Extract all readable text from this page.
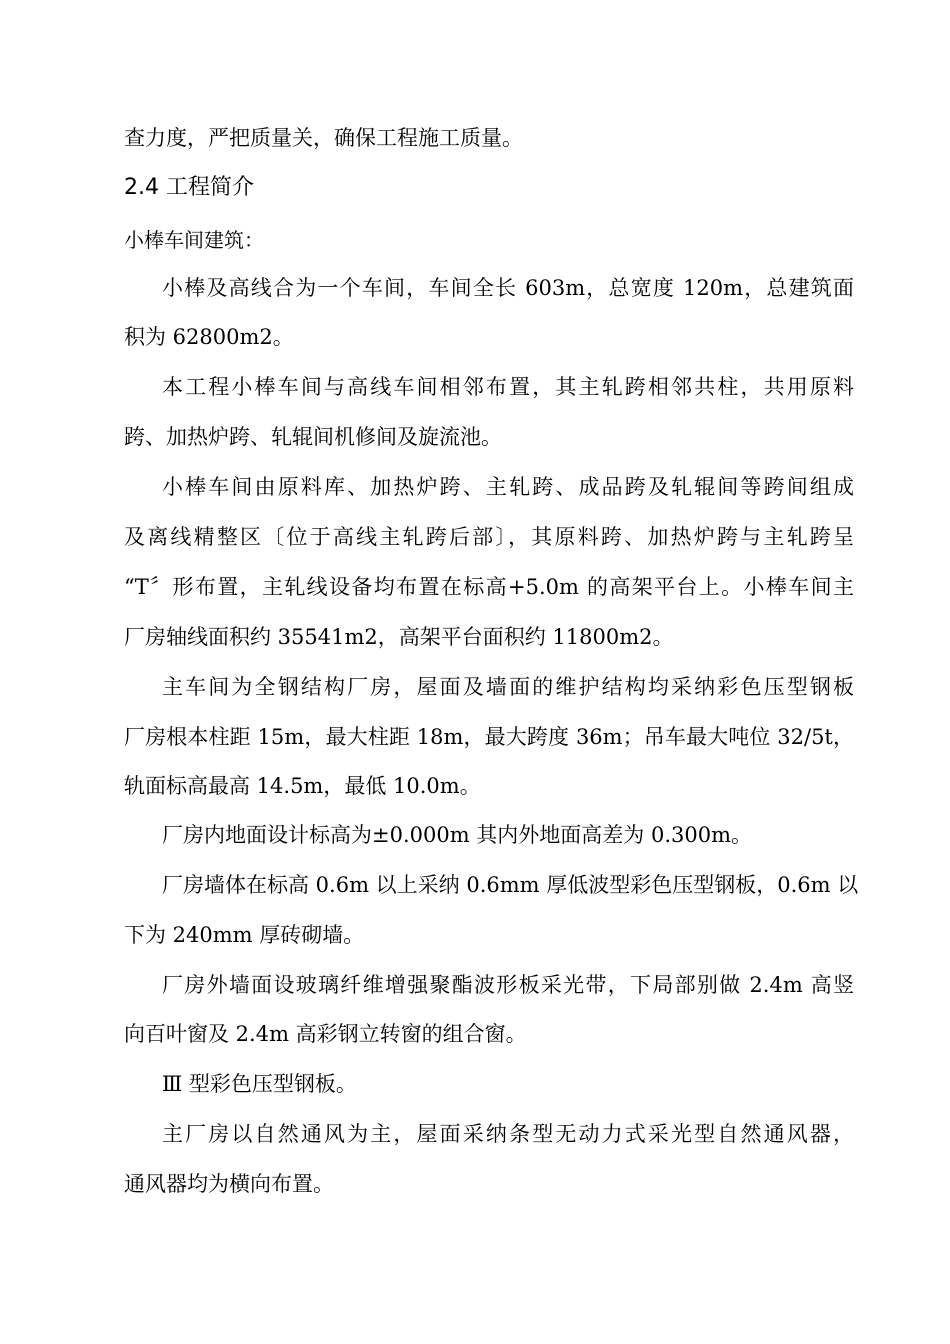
查力度，严把质量关，确保工程施工质量。
2.4 工程简介
小棒车间建筑：
小棒及高线合为一个车间，车间全长 603m，总宽度 120m，总建筑面
积为 62800m2。
本工程小棒车间与高线车间相邻布置，其主轧跨相邻共柱，共用原料
跨、加热炉跨、轧辊间机修间及旋流池。
小棒车间由原料库、加热炉跨、主轧跨、成品跨及轧辊间等跨间组成
及离线精整区〔位于高线主轧跨后部〕，其原料跨、加热炉跨与主轧跨呈
“T〞形布置，主轧线设备均布置在标高+5.0m 的高架平台上。小棒车间主
厂房轴线面积约 35541m2，高架平台面积约 11800m2。
主车间为全钢结构厂房，屋面及墙面的维护结构均采纳彩色压型钢板
厂房根本柱距 15m，最大柱距 18m，最大跨度 36m；吊车最大吨位 32/5t，
轨面标高最高 14.5m，最低 10.0m。
厂房内地面设计标高为±0.000m 其内外地面高差为 0.300m。
厂房墙体在标高 0.6m 以上采纳 0.6mm 厚低波型彩色压型钢板，0.6m 以
下为 240mm 厚砖砌墙。
厂房外墙面设玻璃纤维增强聚酯波形板采光带，下局部别做 2.4m 高竖
向百叶窗及 2.4m 高彩钢立转窗的组合窗。
Ⅲ 型彩色压型钢板。
主厂房以自然通风为主，屋面采纳条型无动力式采光型自然通风器，
通风器均为横向布置。
